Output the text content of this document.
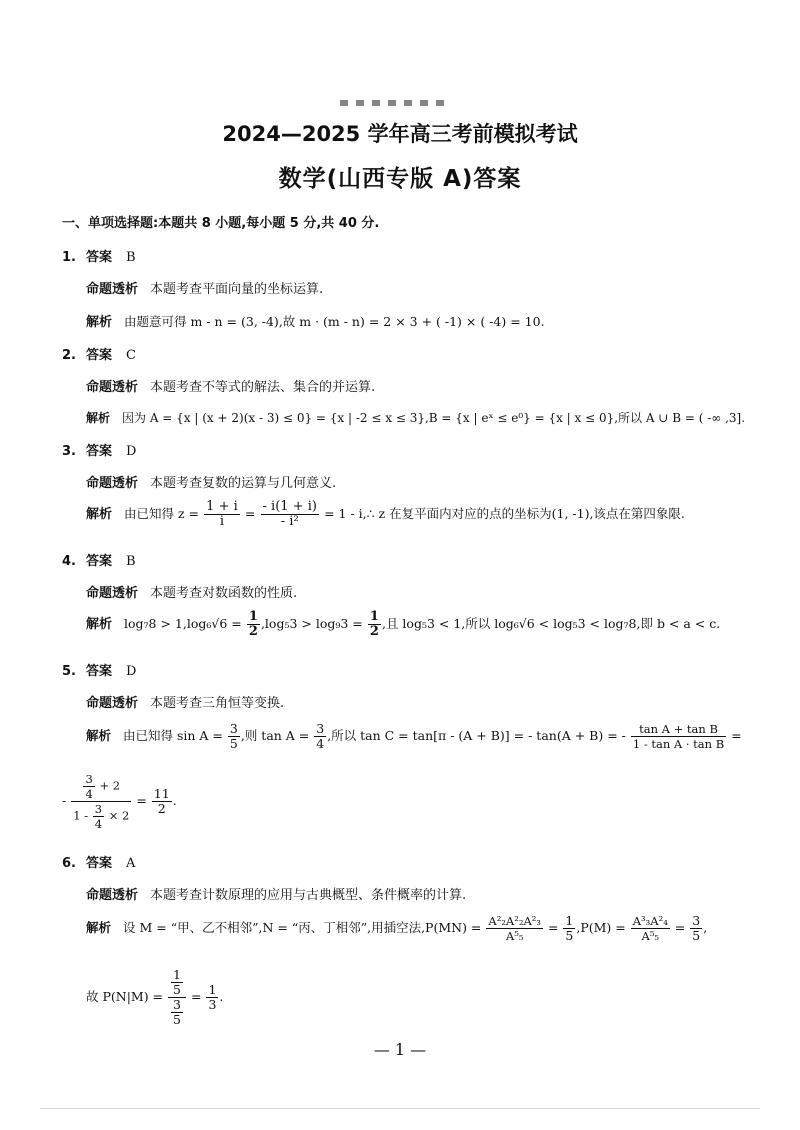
2024—2025 学年高三考前模拟考试
数学(山西专版 A)答案
一、单项选择题:本题共 8 小题,每小题 5 分,共 40 分.
1. 答案 B
命题透析 本题考查平面向量的坐标运算.
解析 由题意可得 m - n = (3, -4),故 m · (m - n) = 2 × 3 + ( -1) × ( -4) = 10.
2. 答案 C
命题透析 本题考查不等式的解法、集合的并运算.
解析 因为 A = {x | (x + 2)(x - 3) ≤ 0} = {x | -2 ≤ x ≤ 3},B = {x | eˣ ≤ e⁰} = {x | x ≤ 0},所以 A ∪ B = ( -∞ ,3].
3. 答案 D
命题透析 本题考查复数的运算与几何意义.
解析 由已知得 $z = \frac{1 + i}{i} = \frac{- i(1 + i)}{\text{- i²}} = 1$ - i,∴ z 在复平面内对应的点的坐标为(1, -1),该点在第四象限.
4. 答案 B
命题透析 本题考查对数函数的性质.
解析 $\log_78 > 1,\log_6√6 = \frac{1}{2} ,\log_53 > \log_93 = \frac{1}{2}$ ,且 log₅3 < 1,所以 log₆√6 < log₅3 < log₇8,即 b < a < c.
5. 答案 D
命题透析 本题考查三角恒等变换.
解析 由已知得 $\sin A = \frac{3}{5}$ ,则 $\tan A = \frac{3}{4}$ ,所以 tan C = tan[π - (A + B)] = - tan(A + B) = - $\frac{\text{tan A + tan B}}{\text{1 - tan A · tan B}}$ =
- $\frac{\frac{3}{4} + 2}{1 - \frac{3}{4} \times 2} = \frac{11}{2}$ .
6. 答案 A
命题透析 本题考查计数原理的应用与古典概型、条件概率的计算.
解析 设 M = “甲、乙不相邻”,N = “丙、丁相邻”,用插空法$,P(MN) = \frac{\text{A²₂A²₂A²₃}}{\text{A⁵₅}} = \frac{1}{5} ,P(M) = \frac{\text{A³₃A²₄}}{\text{A⁵₅}} = \frac{3}{5}$ ,
故 $P(N|M) = \frac{\frac{1}{5}}{\frac{3}{5}} = \frac{1}{3}$ .
— 1 —
